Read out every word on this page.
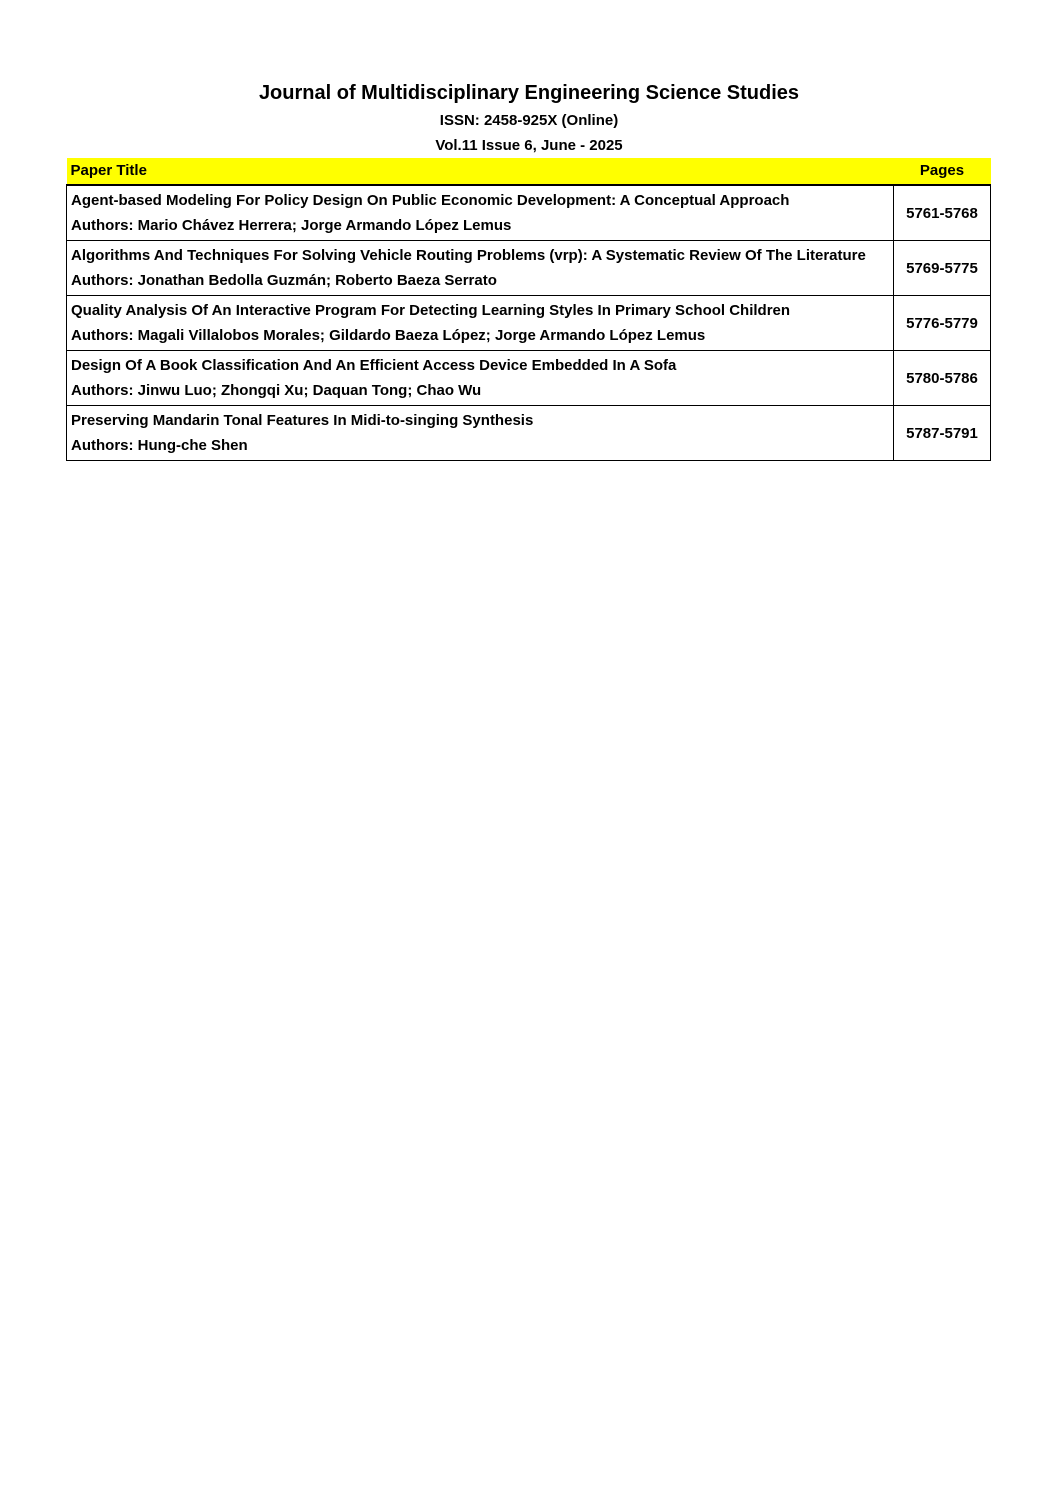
Journal of Multidisciplinary Engineering Science Studies
ISSN: 2458-925X (Online)
Vol.11 Issue 6, June - 2025
Paper Title	Pages

Agent-based Modeling For Policy Design On Public Economic Development: A Conceptual Approach
Authors: Mario Chávez Herrera; Jorge Armando López Lemus	5761-5768

Algorithms And Techniques For Solving Vehicle Routing Problems (vrp): A Systematic Review Of The Literature
Authors: Jonathan Bedolla Guzmán; Roberto Baeza Serrato	5769-5775

Quality Analysis Of An Interactive Program For Detecting Learning Styles In Primary School Children
Authors: Magali Villalobos Morales; Gildardo Baeza López; Jorge Armando López Lemus	5776-5779

Design Of A Book Classification And An Efficient Access Device Embedded In A Sofa
Authors: Jinwu Luo; Zhongqi Xu; Daquan Tong; Chao Wu	5780-5786

Preserving Mandarin Tonal Features In Midi-to-singing Synthesis
Authors: Hung-che Shen	5787-5791
